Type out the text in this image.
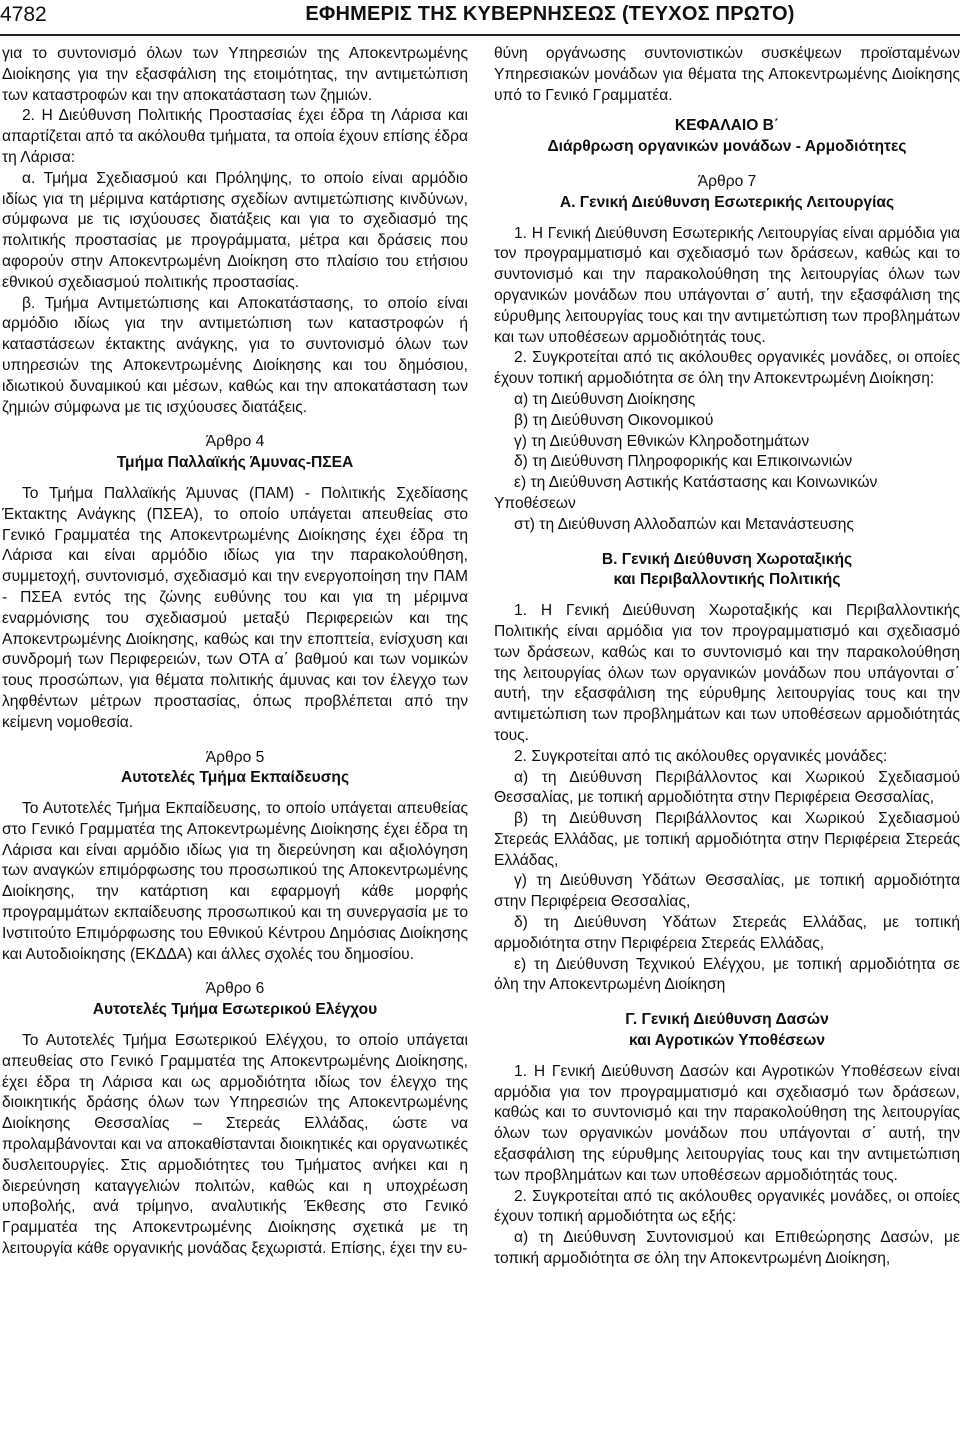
4782	ΕΦΗΜΕΡΙΣ ΤΗΣ ΚΥΒΕΡΝΗΣΕΩΣ (ΤΕΥΧΟΣ ΠΡΩΤΟ)

για το συντονισμό όλων των Υπηρεσιών της Αποκεντρωμένης Διοίκησης για την εξασφάλιση της ετοιμότητας, την αντιμετώπιση των καταστροφών και την αποκατάσταση των ζημιών.

2. Η Διεύθυνση Πολιτικής Προστασίας έχει έδρα τη Λάρισα και απαρτίζεται από τα ακόλουθα τμήματα, τα οποία έχουν επίσης έδρα τη Λάρισα:

α. Τμήμα Σχεδιασμού και Πρόληψης, το οποίο είναι αρμόδιο ιδίως για τη μέριμνα κατάρτισης σχεδίων αντιμετώπισης κινδύνων, σύμφωνα με τις ισχύουσες διατάξεις και για το σχεδιασμό της πολιτικής προστασίας με προγράμματα, μέτρα και δράσεις που αφορούν στην Αποκεντρωμένη Διοίκηση στο πλαίσιο του ετήσιου εθνικού σχεδιασμού πολιτικής προστασίας.

β. Τμήμα Αντιμετώπισης και Αποκατάστασης, το οποίο είναι αρμόδιο ιδίως για την αντιμετώπιση των καταστροφών ή καταστάσεων έκτακτης ανάγκης, για το συντονισμό όλων των υπηρεσιών της Αποκεντρωμένης Διοίκησης και του δημόσιου, ιδιωτικού δυναμικού και μέσων, καθώς και την αποκατάσταση των ζημιών σύμφωνα με τις ισχύουσες διατάξεις.

Άρθρο 4
Τμήμα Παλλαϊκής Άμυνας-ΠΣΕΑ

Το Τμήμα Παλλαϊκής Άμυνας (ΠΑΜ) - Πολιτικής Σχεδίασης Έκτακτης Ανάγκης (ΠΣΕΑ), το οποίο υπάγεται απευθείας στο Γενικό Γραμματέα της Αποκεντρωμένης Διοίκησης έχει έδρα τη Λάρισα και είναι αρμόδιο ιδίως για την παρακολούθηση, συμμετοχή, συντονισμό, σχεδιασμό και την ενεργοποίηση την ΠΑΜ - ΠΣΕΑ εντός της ζώνης ευθύνης του και για τη μέριμνα εναρμόνισης του σχεδιασμού μεταξύ Περιφερειών και της Αποκεντρωμένης Διοίκησης, καθώς και την εποπτεία, ενίσχυση και συνδρομή των Περιφερειών, των ΟΤΑ α΄ βαθμού και των νομικών τους προσώπων, για θέματα πολιτικής άμυνας και τον έλεγχο των ληφθέντων μέτρων προστασίας, όπως προβλέπεται από την κείμενη νομοθεσία.

Άρθρο 5
Αυτοτελές Τμήμα Εκπαίδευσης

Το Αυτοτελές Τμήμα Εκπαίδευσης, το οποίο υπάγεται απευθείας στο Γενικό Γραμματέα της Αποκεντρωμένης Διοίκησης έχει έδρα τη Λάρισα και είναι αρμόδιο ιδίως για τη διερεύνηση και αξιολόγηση των αναγκών επιμόρφωσης του προσωπικού της Αποκεντρωμένης Διοίκησης, την κατάρτιση και εφαρμογή κάθε μορφής προγραμμάτων εκπαίδευσης προσωπικού και τη συνεργασία με το Ινστιτούτο Επιμόρφωσης του Εθνικού Κέντρου Δημόσιας Διοίκησης και Αυτοδιοίκησης (ΕΚΔΔΑ) και άλλες σχολές του δημοσίου.

Άρθρο 6
Αυτοτελές Τμήμα Εσωτερικού Ελέγχου

Το Αυτοτελές Τμήμα Εσωτερικού Ελέγχου, το οποίο υπάγεται απευθείας στο Γενικό Γραμματέα της Αποκεντρωμένης Διοίκησης, έχει έδρα τη Λάρισα και ως αρμοδιότητα ιδίως τον έλεγχο της διοικητικής δράσης όλων των Υπηρεσιών της Αποκεντρωμένης Διοίκησης Θεσσαλίας – Στερεάς Ελλάδας, ώστε να προλαμβάνονται και να αποκαθίστανται διοικητικές και οργανωτικές δυσλειτουργίες. Στις αρμοδιότητες του Τμήματος ανήκει και η διερεύνηση καταγγελιών πολιτών, καθώς και η υποχρέωση υποβολής, ανά τρίμηνο, αναλυτικής Έκθεσης στο Γενικό Γραμματέα της Αποκεντρωμένης Διοίκησης σχετικά με τη λειτουργία κάθε οργανικής μονάδας ξεχωριστά. Επίσης, έχει την ευ-

θύνη οργάνωσης συντονιστικών συσκέψεων προϊσταμένων Υπηρεσιακών μονάδων για θέματα της Αποκεντρωμένης Διοίκησης υπό το Γενικό Γραμματέα.

ΚΕΦΑΛΑΙΟ Β΄
Διάρθρωση οργανικών μονάδων - Αρμοδιότητες
Άρθρο 7
Α. Γενική Διεύθυνση Εσωτερικής Λειτουργίας

1. Η Γενική Διεύθυνση Εσωτερικής Λειτουργίας είναι αρμόδια για τον προγραμματισμό και σχεδιασμό των δράσεων, καθώς και το συντονισμό και την παρακολούθηση της λειτουργίας όλων των οργανικών μονάδων που υπάγονται σ΄ αυτή, την εξασφάλιση της εύρυθμης λειτουργίας τους και την αντιμετώπιση των προβλημάτων και των υποθέσεων αρμοδιότητάς τους.

2. Συγκροτείται από τις ακόλουθες οργανικές μονάδες, οι οποίες έχουν τοπική αρμοδιότητα σε όλη την Αποκεντρωμένη Διοίκηση:

α) τη Διεύθυνση Διοίκησης

β) τη Διεύθυνση Οικονομικού

γ) τη Διεύθυνση Εθνικών Κληροδοτημάτων

δ) τη Διεύθυνση Πληροφορικής και Επικοινωνιών

ε) τη Διεύθυνση Αστικής Κατάστασης και Κοινωνικών Υποθέσεων

στ) τη Διεύθυνση Αλλοδαπών και Μετανάστευσης

Β. Γενική Διεύθυνση Χωροταξικής
και Περιβαλλοντικής Πολιτικής

1. Η Γενική Διεύθυνση Χωροταξικής και Περιβαλλοντικής Πολιτικής είναι αρμόδια για τον προγραμματισμό και σχεδιασμό των δράσεων, καθώς και το συντονισμό και την παρακολούθηση της λειτουργίας όλων των οργανικών μονάδων που υπάγονται σ΄ αυτή, την εξασφάλιση της εύρυθμης λειτουργίας τους και την αντιμετώπιση των προβλημάτων και των υποθέσεων αρμοδιότητάς τους.

2. Συγκροτείται από τις ακόλουθες οργανικές μονάδες:

α) τη Διεύθυνση Περιβάλλοντος και Χωρικού Σχεδιασμού Θεσσαλίας, με τοπική αρμοδιότητα στην Περιφέρεια Θεσσαλίας,

β) τη Διεύθυνση Περιβάλλοντος και Χωρικού Σχεδιασμού Στερεάς Ελλάδας, με τοπική αρμοδιότητα στην Περιφέρεια Στερεάς Ελλάδας,

γ) τη Διεύθυνση Υδάτων Θεσσαλίας, με τοπική αρμοδιότητα στην Περιφέρεια Θεσσαλίας,

δ) τη Διεύθυνση Υδάτων Στερεάς Ελλάδας, με τοπική αρμοδιότητα στην Περιφέρεια Στερεάς Ελλάδας,

ε) τη Διεύθυνση Τεχνικού Ελέγχου, με τοπική αρμοδιότητα σε όλη την Αποκεντρωμένη Διοίκηση

Γ. Γενική Διεύθυνση Δασών
και Αγροτικών Υποθέσεων

1. Η Γενική Διεύθυνση Δασών και Αγροτικών Υποθέσεων είναι αρμόδια για τον προγραμματισμό και σχεδιασμό των δράσεων, καθώς και το συντονισμό και την παρακολούθηση της λειτουργίας όλων των οργανικών μονάδων που υπάγονται σ΄ αυτή, την εξασφάλιση της εύρυθμης λειτουργίας τους και την αντιμετώπιση των προβλημάτων και των υποθέσεων αρμοδιότητάς τους.

2. Συγκροτείται από τις ακόλουθες οργανικές μονάδες, οι οποίες έχουν τοπική αρμοδιότητα ως εξής:

α) τη Διεύθυνση Συντονισμού και Επιθεώρησης Δασών, με τοπική αρμοδιότητα σε όλη την Αποκεντρωμένη Διοίκηση,
